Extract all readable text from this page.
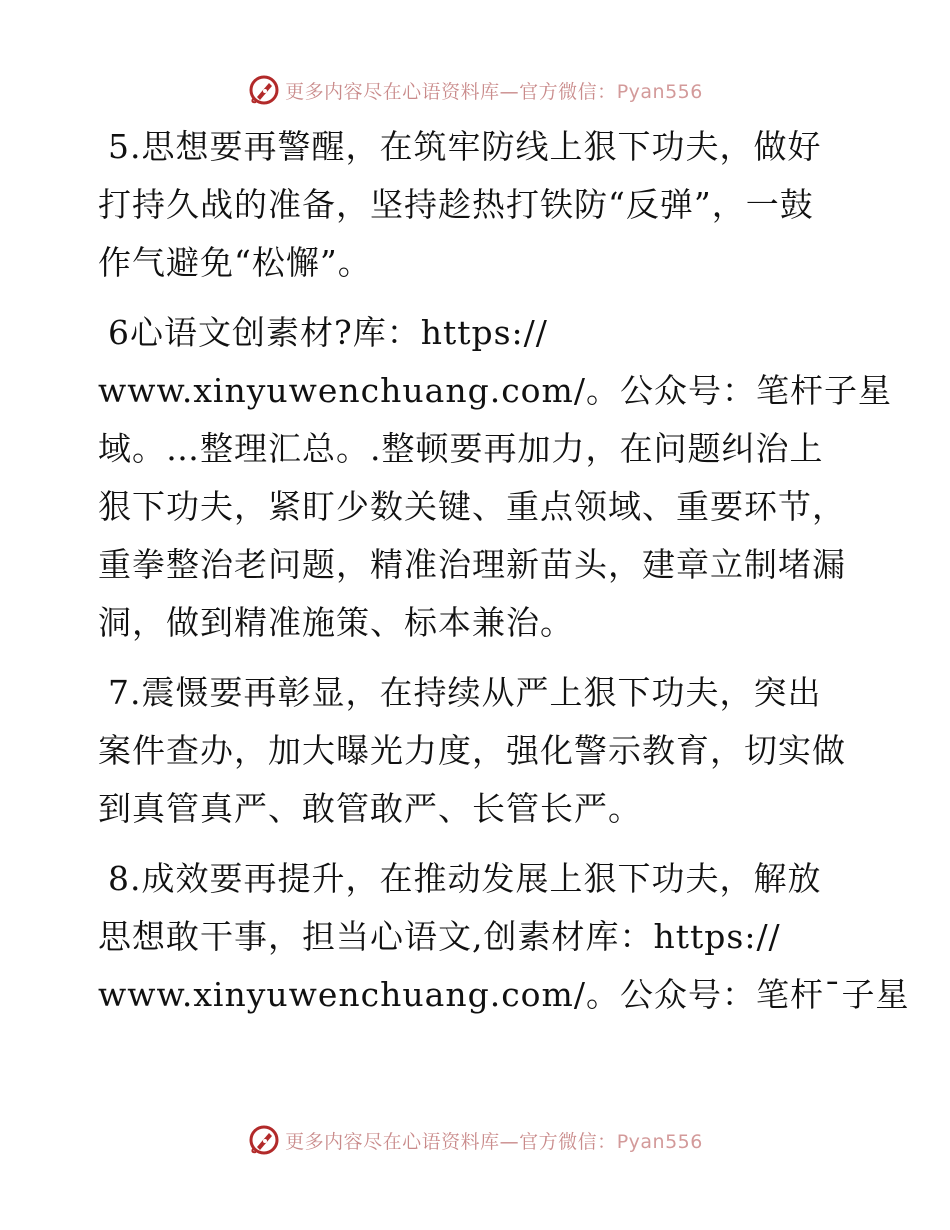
更多内容尽在心语资料库—官方微信：Pyan556
5.思想要再警醒，在筑牢防线上狠下功夫，做好
打持久战的准备，坚持趁热打铁防“反弹”，一鼓
作气避免“松懈”。
6心语文创素材?库：https://
www.xinyuwenchuang.com/。公众号：笔杆子星
域。…整理汇总。.整顿要再加力，在问题纠治上
狠下功夫，紧盯少数关键、重点领域、重要环节，
重拳整治老问题，精准治理新苗头，建章立制堵漏
洞，做到精准施策、标本兼治。
7.震慑要再彰显，在持续从严上狠下功夫，突出
案件查办，加大曝光力度，强化警示教育，切实做
到真管真严、敢管敢严、长管长严。
8.成效要再提升，在推动发展上狠下功夫，解放
思想敢干事，担当心语文,创素材库：https://
www.xinyuwenchuang.com/。公众号：笔杆¯子星
更多内容尽在心语资料库—官方微信：Pyan556
